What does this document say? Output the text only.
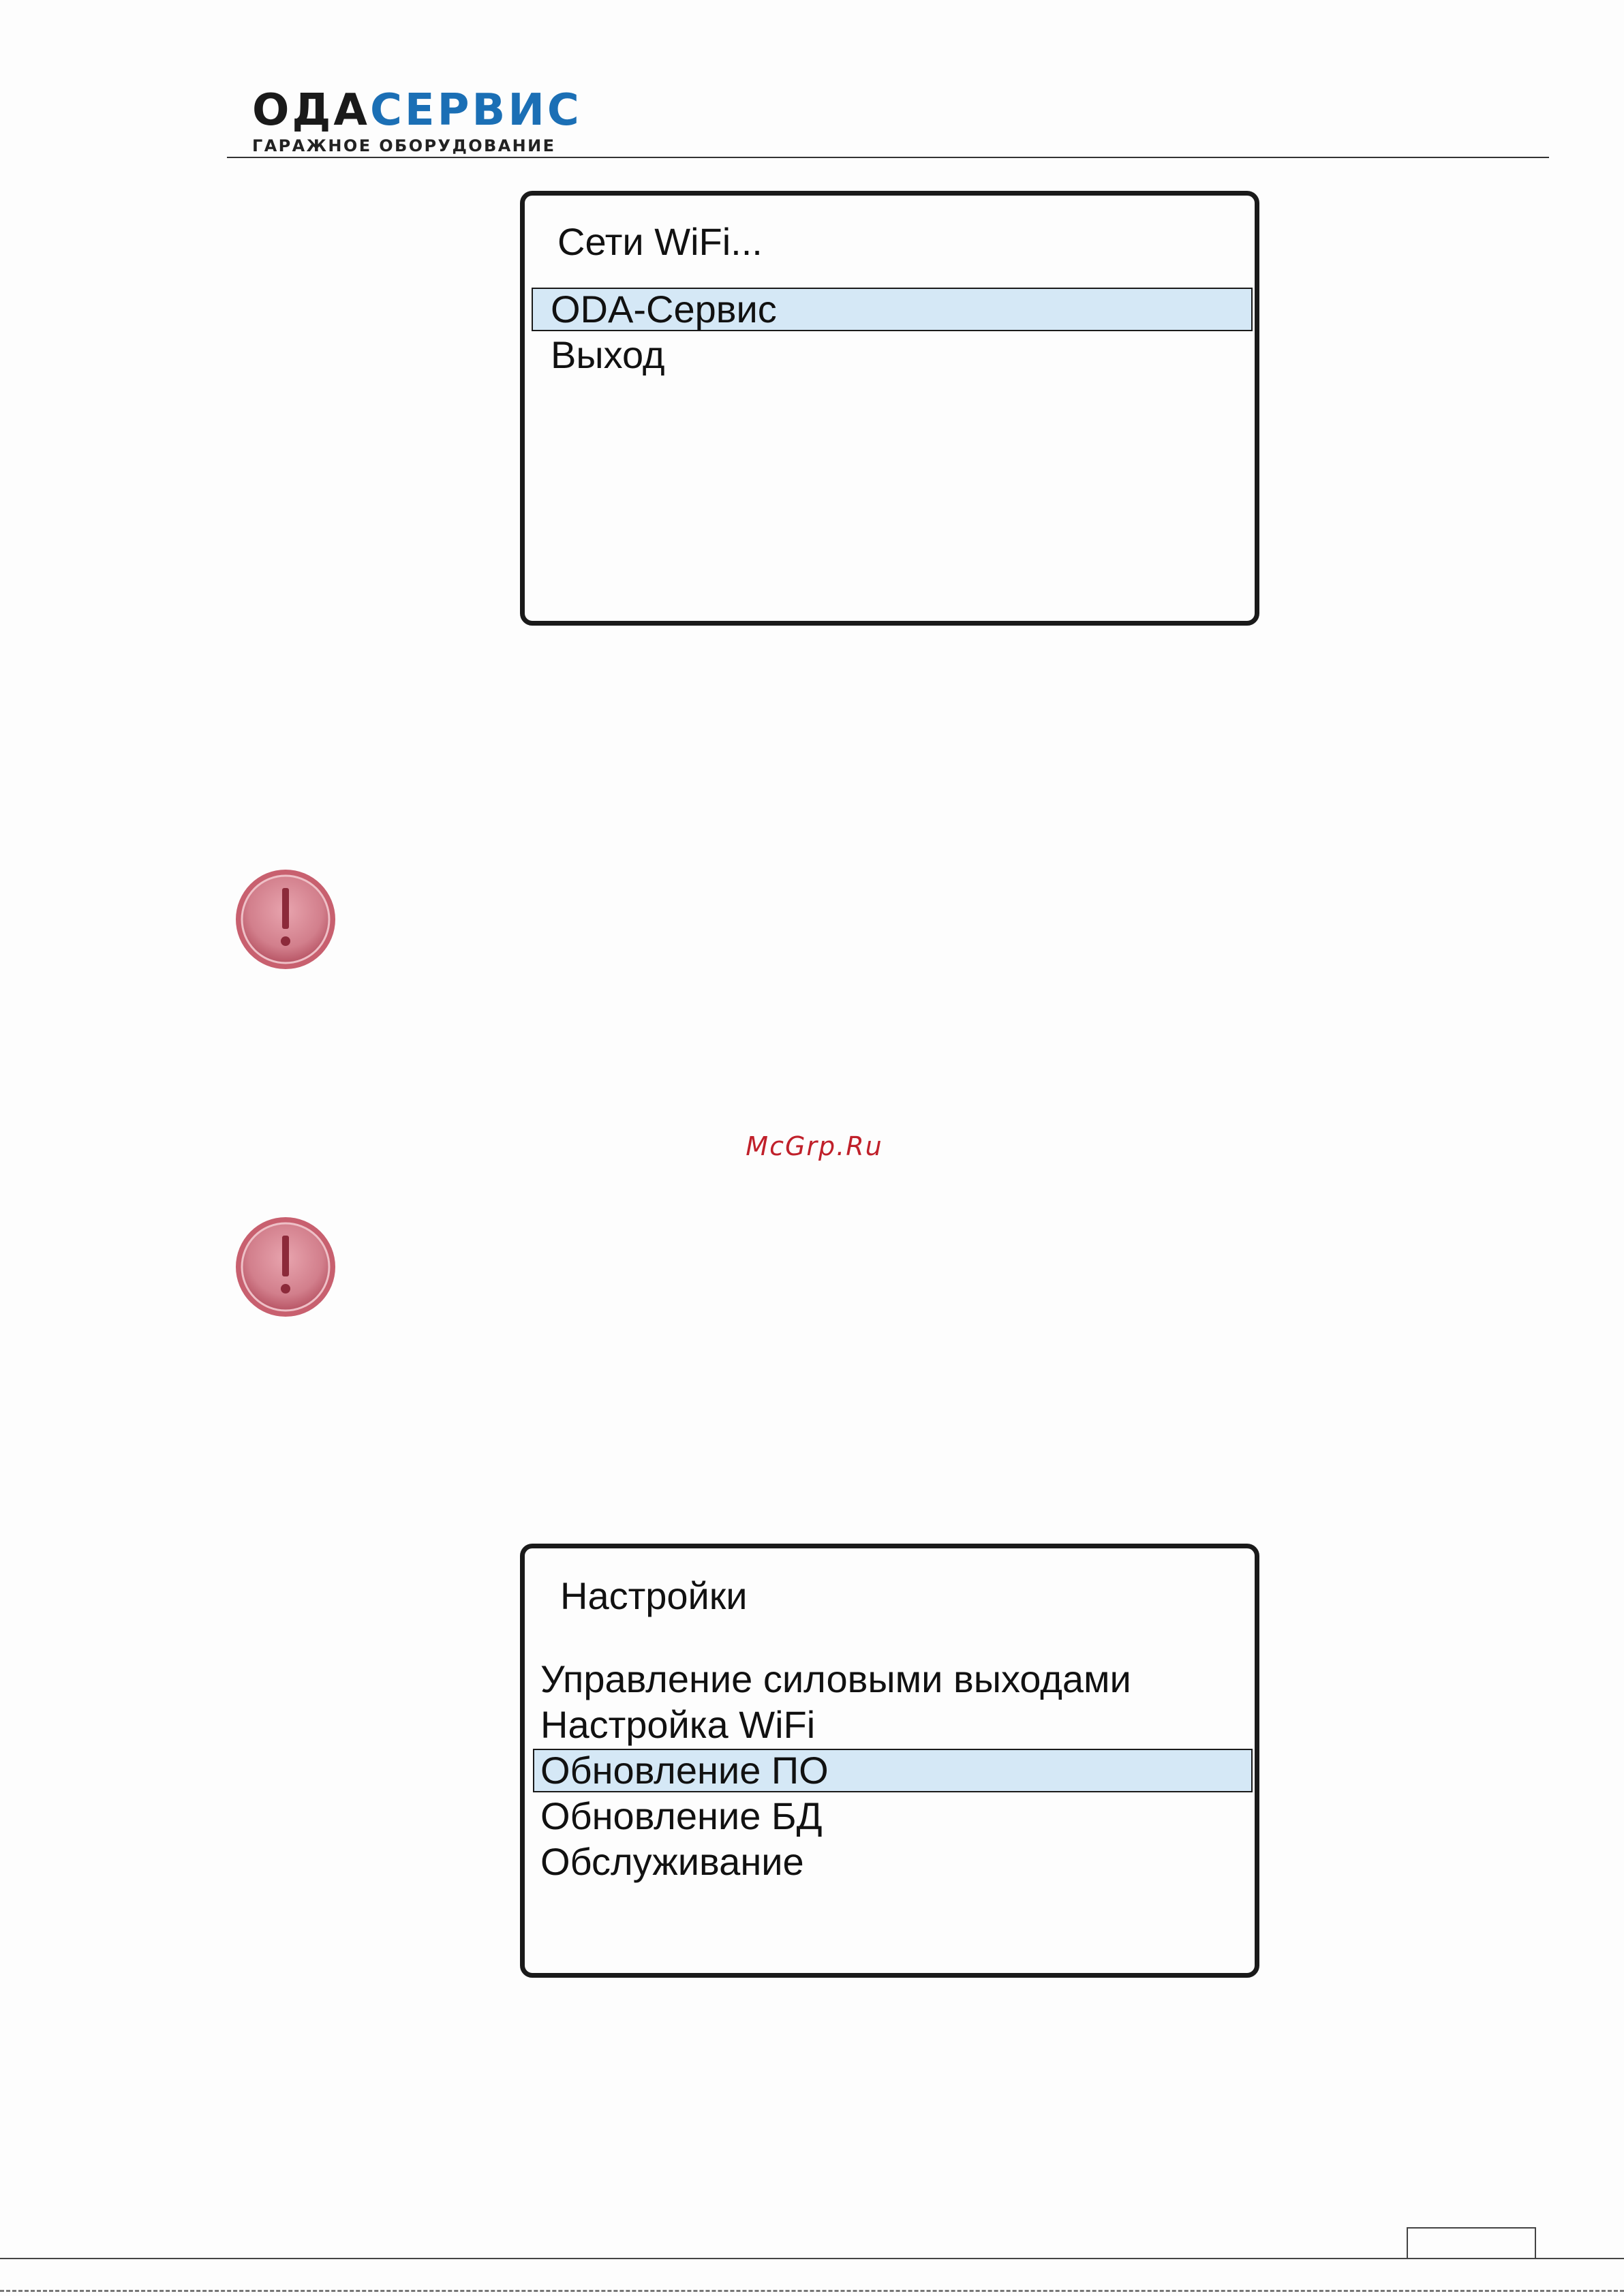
ОДАСЕРВИС
ГАРАЖНОЕ ОБОРУДОВАНИЕ
Сети WiFi...
ODA-Сервис
Выход
McGrp.Ru
Настройки
Управление силовыми выходами
Настройка WiFi
Обновление ПО
Обновление БД
Обслуживание
